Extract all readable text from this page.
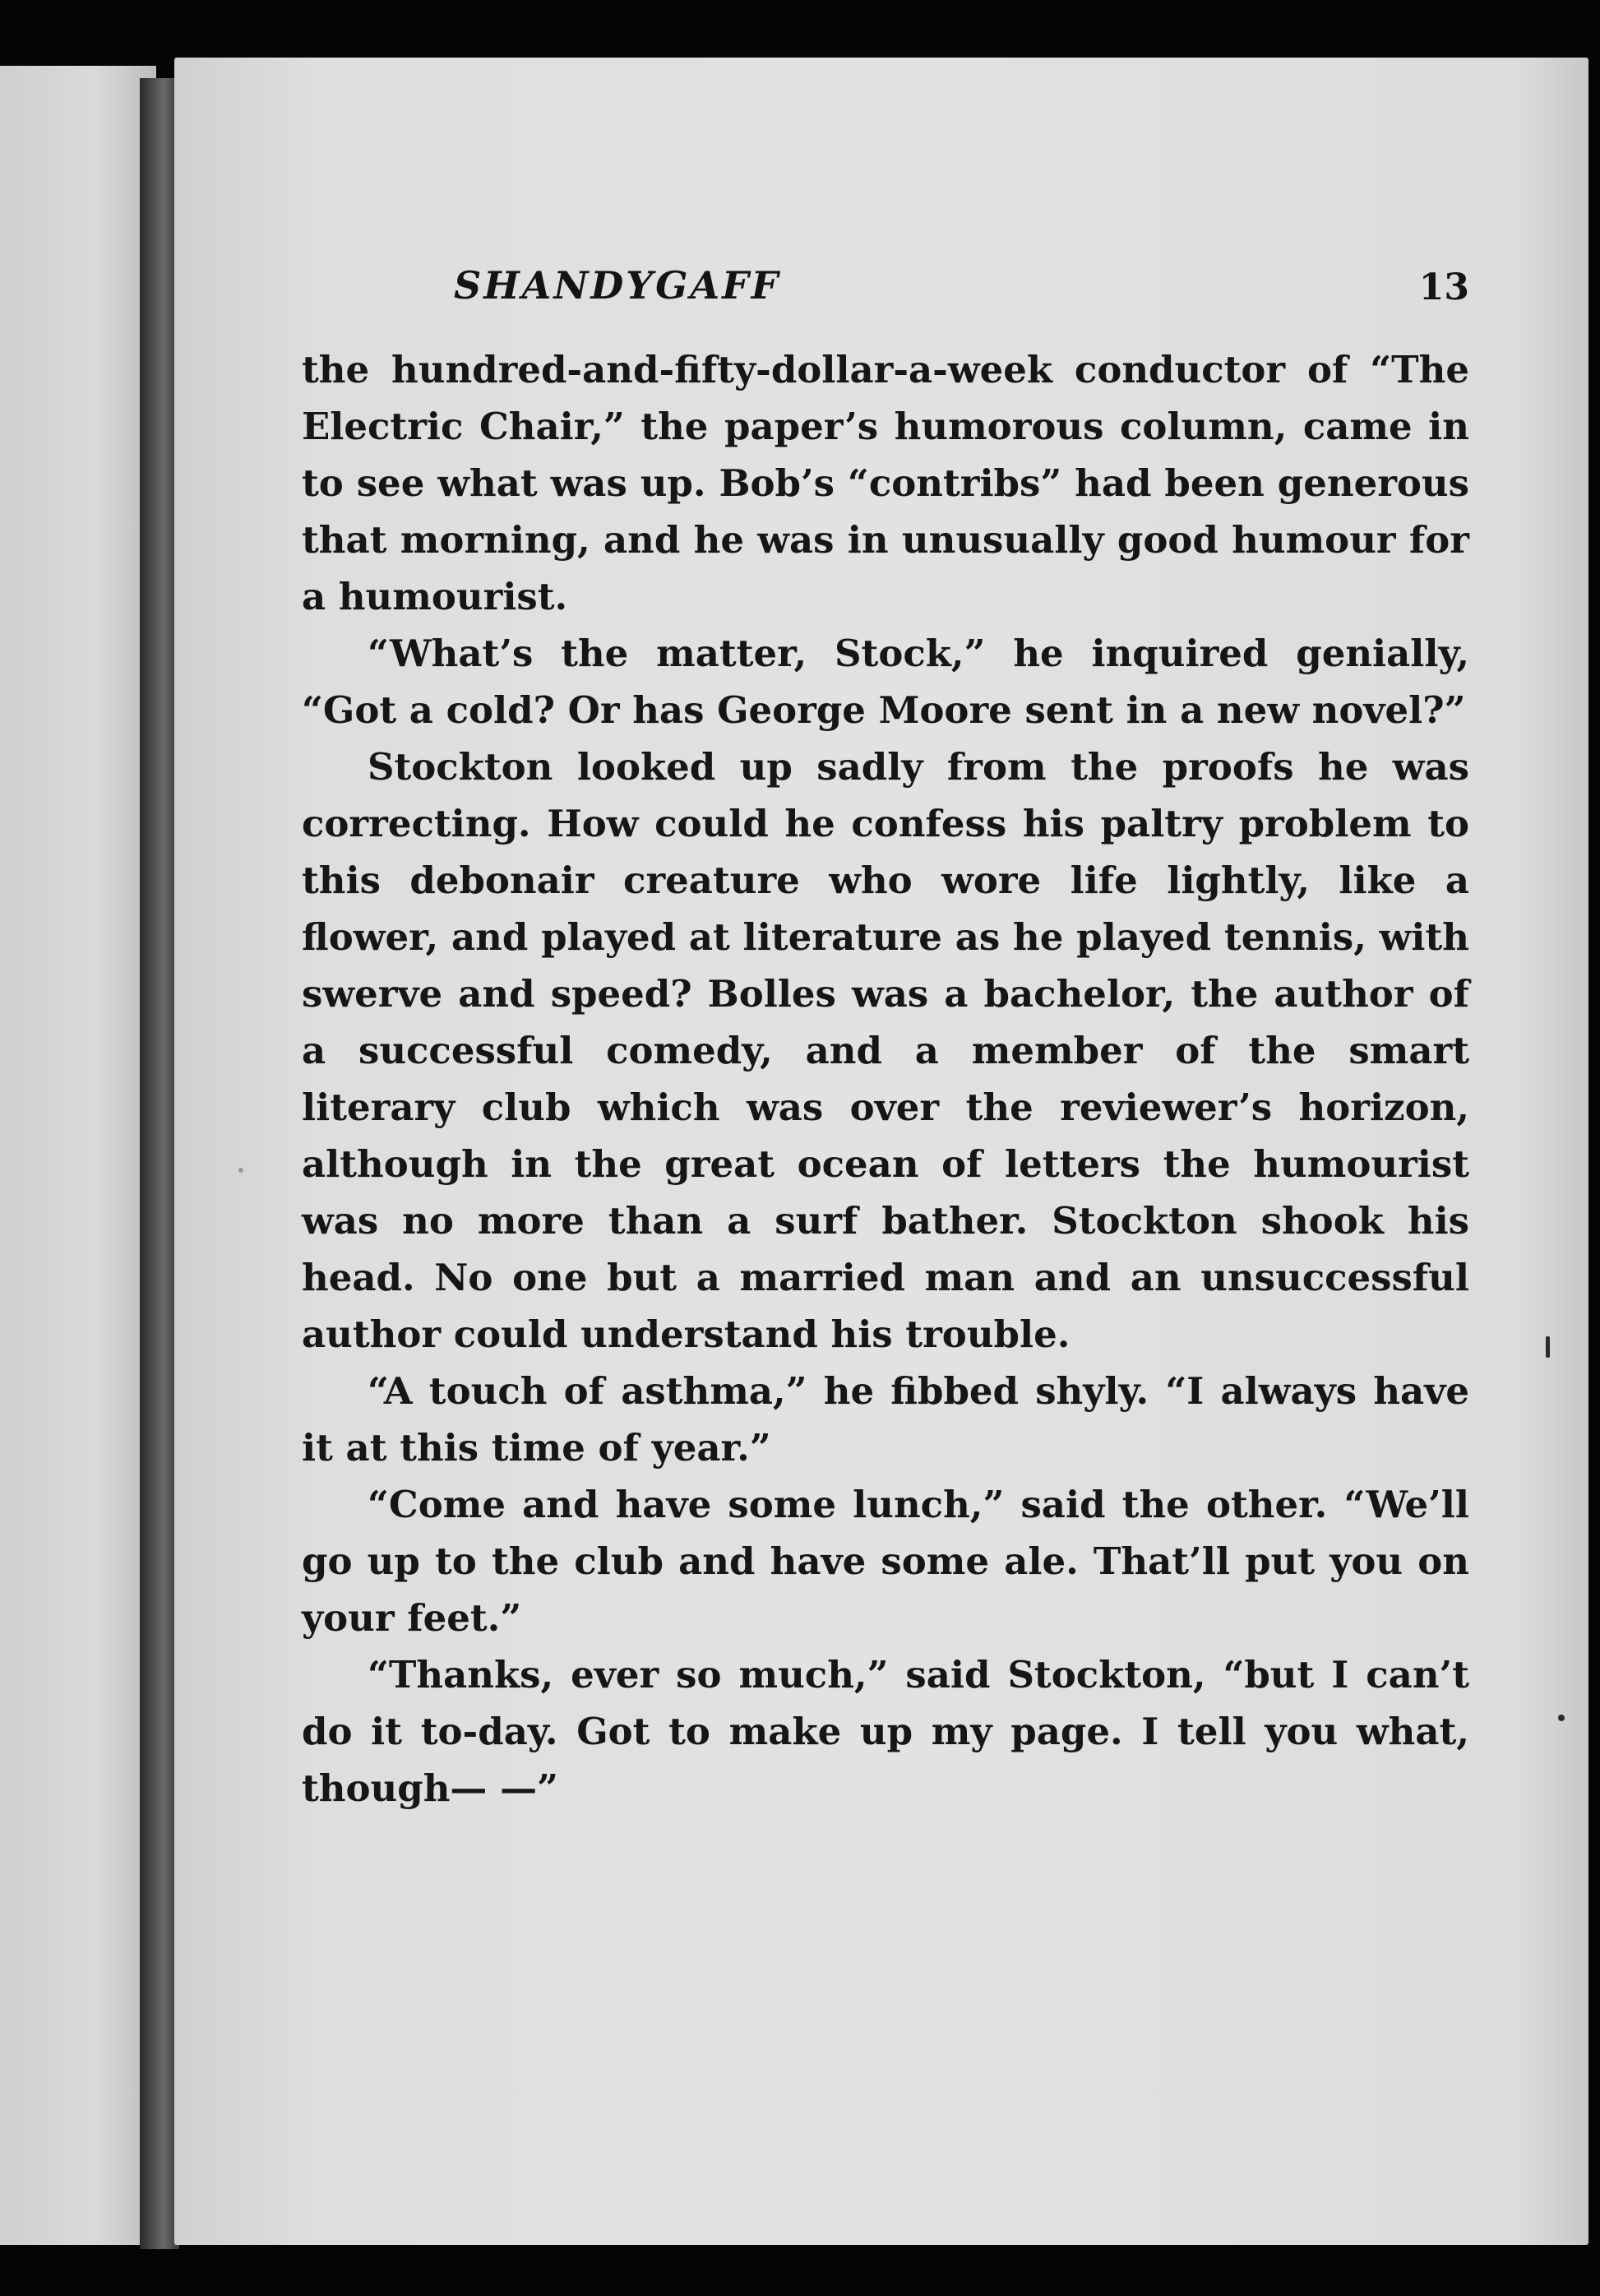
SHANDYGAFF	13

the hundred-and-fifty-dollar-a-week conductor of “The Electric Chair,” the paper’s humorous column, came in to see what was up. Bob’s “contribs” had been generous that morning, and he was in unusually good humour for a humourist.

“What’s the matter, Stock,” he inquired genially, “Got a cold? Or has George Moore sent in a new novel?”

Stockton looked up sadly from the proofs he was correcting. How could he confess his paltry problem to this debonair creature who wore life lightly, like a flower, and played at literature as he played tennis, with swerve and speed? Bolles was a bachelor, the author of a successful comedy, and a member of the smart literary club which was over the reviewer’s horizon, although in the great ocean of letters the humourist was no more than a surf bather. Stockton shook his head. No one but a married man and an unsuccessful author could understand his trouble.

“A touch of asthma,” he fibbed shyly. “I always have it at this time of year.”

“Come and have some lunch,” said the other. “We’ll go up to the club and have some ale. That’ll put you on your feet.”

“Thanks, ever so much,” said Stockton, “but I can’t do it to-day. Got to make up my page. I tell you what, though— —”
